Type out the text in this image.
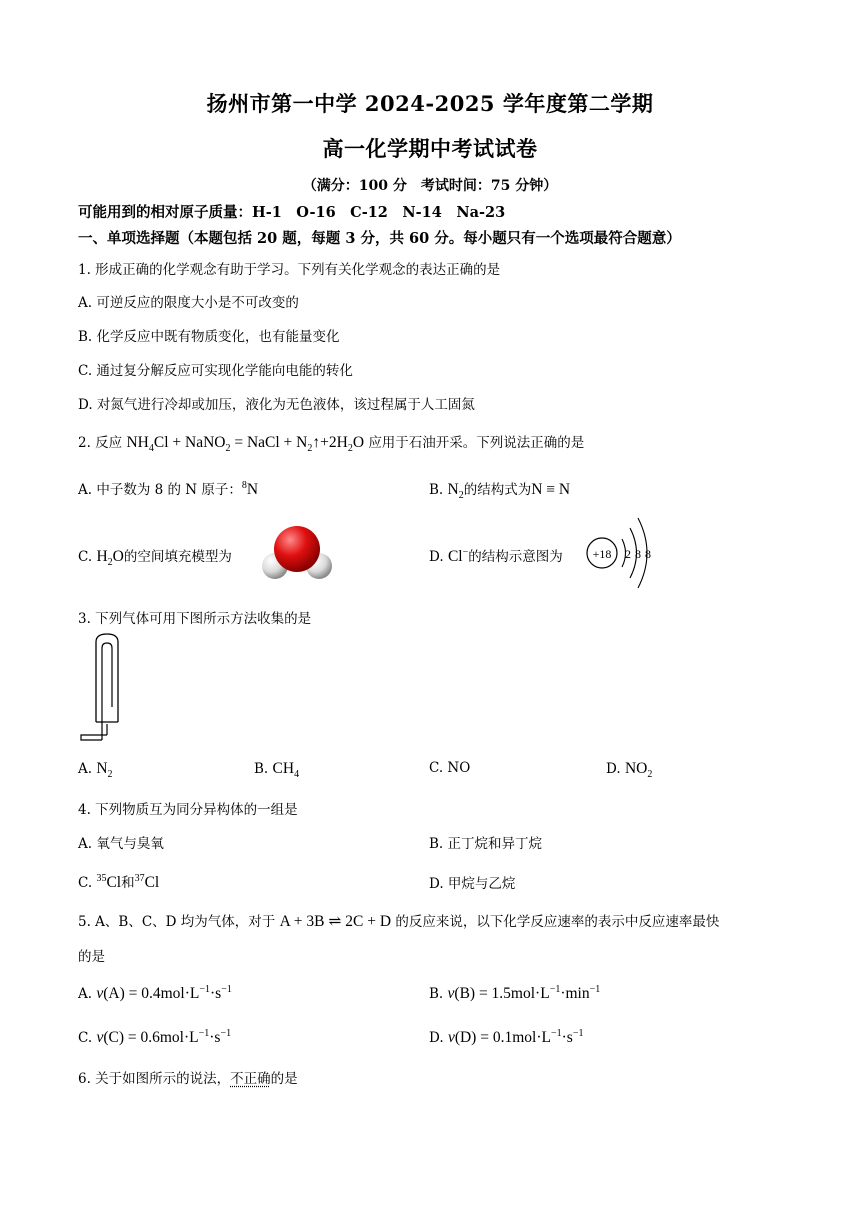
扬州市第一中学 2024-2025 学年度第二学期
高一化学期中考试试卷
（满分：100 分　考试时间：75 分钟）
可能用到的相对原子质量：H-1　O-16　C-12　N-14　Na-23
一、单项选择题（本题包括 20 题，每题 3 分，共 60 分。每小题只有一个选项最符合题意）
1. 形成正确的化学观念有助于学习。下列有关化学观念的表达正确的是
A. 可逆反应的限度大小是不可改变的
B. 化学反应中既有物质变化，也有能量变化
C. 通过复分解反应可实现化学能向电能的转化
D. 对氮气进行冷却或加压，液化为无色液体，该过程属于人工固氮
2. 反应 $NH_4Cl$ + NaNO$_2$ = NaCl + $N_2↑+2H_2O$ 应用于石油开采。下列说法正确的是
A. 中子数为 8 的 N 原子：$^8$N	B. $N_2$的结构式为N ≡ N
C. $H_2O$的空间填充模型为	D. Cl−的结构示意图为 +18 2 8 8
3. 下列气体可用下图所示方法收集的是
A. $N_2$	B. $CH_4$	C. NO	D. $NO_2$
4. 下列物质互为同分异构体的一组是
A. 氧气与臭氧	B. 正丁烷和异丁烷
C. $^{35}$Cl和$^{37}$Cl	D. 甲烷与乙烷
5. A、B、C、D 均为气体，对于 A + 3B ⇌ 2C + D 的反应来说，以下化学反应速率的表示中反应速率最快
的是
A. $v(A) = 0.4mol\cdot L^{-1}\cdot s^{-1}$	B. $v(B) = 1.5mol\cdot L^{-1}\cdot\min^{-1}$
C. $v(C) = 0.6mol\cdot L^{-1}\cdot s^{-1}$	D. $v(D) = 0.1mol\cdot L^{-1}\cdot s^{-1}$
6. 关于如图所示的说法，不正确的是
